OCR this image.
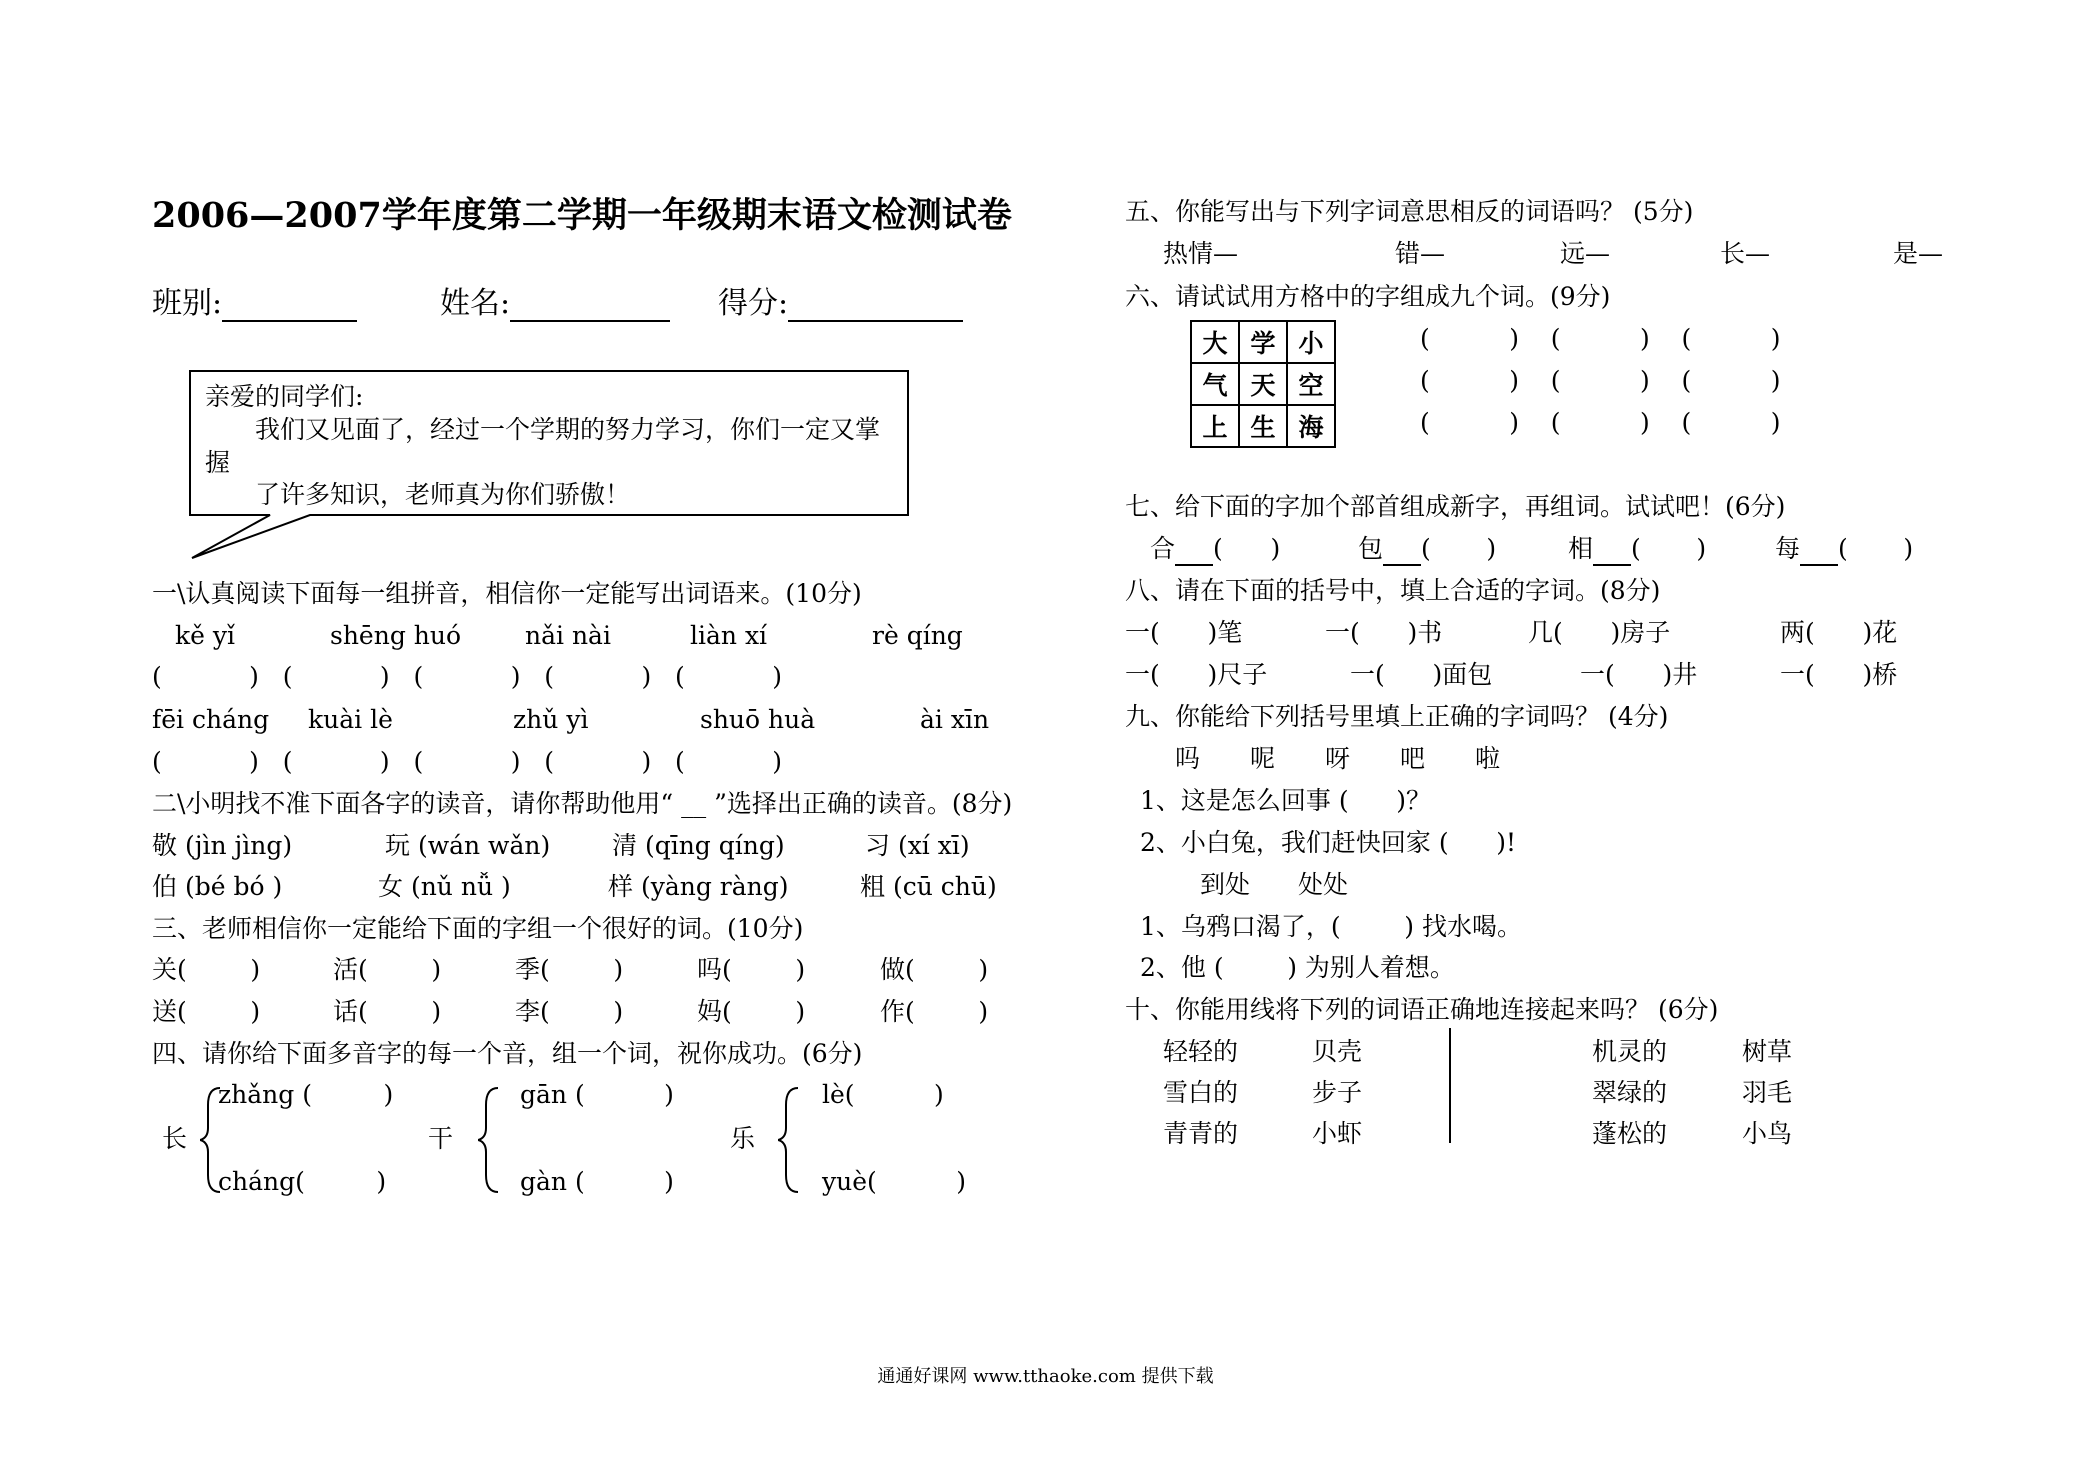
2006—2007学年度第二学期一年级期末语文检测试卷
班别:	姓名:	得分:
亲爱的同学们:
我们又见面了，经过一个学期的努力学习，你们一定又掌
握
了许多知识，老师真为你们骄傲！
一\认真阅读下面每一组拼音，相信你一定能写出词语来。(10分)
kě yǐ	shēng huó	nǎi nài	liàn xí	rè qíng
(           )   (           )   (           )   (           )   (           )
fēi cháng kuài lè	zhǔ yì	shuō huà	ài xīn
(           )   (           )   (           )   (           )   (           )
二\小明找不准下面各字的读音，请你帮助他用“ __ ”选择出正确的读音。(8分)
敬 (jìn jìng)	玩 (wán wǎn) 清 (qīng qíng)	习 (xí xī)
伯 (bé bó )	女 (nǔ nǚ )	样 (yàng ràng)	粗 (cū chū)
三、老师相信你一定能给下面的字组一个很好的词。(10分)
关(        )	活(        )	季(        )	吗(        )	做(        )
送(        )	话(        )	李(        )	妈(        )	作(        )
四、请你给下面多音字的每一个音，组一个词，祝你成功。(6分)
长
zhǎng (         )
cháng(         )
干
gān (          )
gàn (          )
乐
lè(          )
yuè(          )
五、你能写出与下列字词意思相反的词语吗？ (5分)
热情—	错—	远—	长—	是—
六、请试试用方格中的字组成九个词。(9分)
大	学	小
气	天	空
上	生	海
(          )    (          )    (          )
(          )    (          )    (          )
(          )    (          )    (          )
七、给下面的字加个部首组成新字，再组词。试试吧！(6分)
合 (      )	包 (       )	相 (       )	每 (       )
八、请在下面的括号中，填上合适的字词。(8分)
一(      )笔	一(      )书	几(      )房子	两(      )花
一(      )尺子	一(      )面包	一(      )井	一(      )桥
九、你能给下列括号里填上正确的字词吗？ (4分)
吗 呢 呀 吧 啦
1、这是怎么回事 ( )？
2、小白兔，我们赶快回家 ( )!
到处 处处
1、乌鸦口渴了，(	) 找水喝。
2、他 (	) 为别人着想。
十、你能用线将下列的词语正确地连接起来吗？ (6分)
轻轻的	贝壳	机灵的	树草
雪白的	步子	翠绿的	羽毛
青青的	小虾	蓬松的	小鸟
通通好课网 www.tthaoke.com 提供下载
